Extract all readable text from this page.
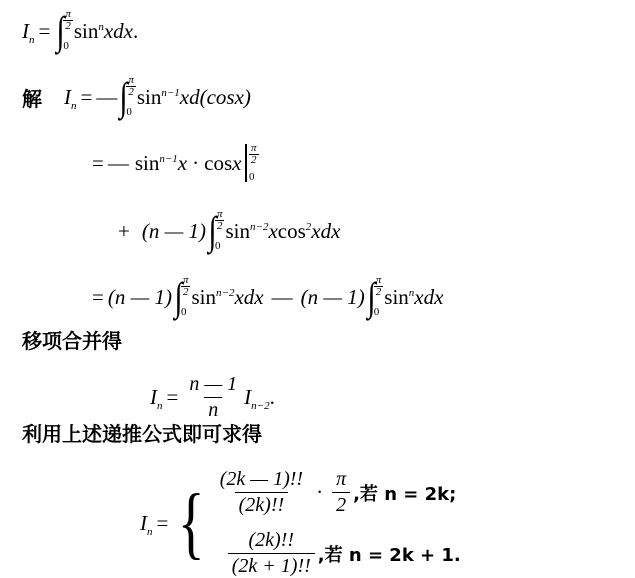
$I_n$ = ∫
$\frac{\pi}{2}$
0
$\sin^n x$ dx .
解 $I_n$ = — ∫
$\frac{\pi}{2}$
0
$\sin^{n-1} x$ d(cos x)
= — $\sin^{n-1} x \cdot \cos x \frac{\pi}{2}$
0
+ (n — 1) ∫
$\frac{\pi}{2}$
0
$\sin^{n-2} x$ $\cos^2 x$ dx
= (n — 1) ∫
$\frac{\pi}{2}$
0
$\sin^{n-2} x$ dx — (n — 1) ∫
$\frac{\pi}{2}$
0
$\sin^n x$ dx
移项合并得
$I_n = \frac{n — 1}{n} I_{n-2}$ .
利用上述递推公式即可求得
$I_n$ = { $\frac{(2k — 1)!!}{(2k)!!} \cdot \frac{\pi}{2}$ ,若 n = 2k;
$\frac{(2k)!!}{(2k + 1)!!}$ ,若 n = 2k + 1.
